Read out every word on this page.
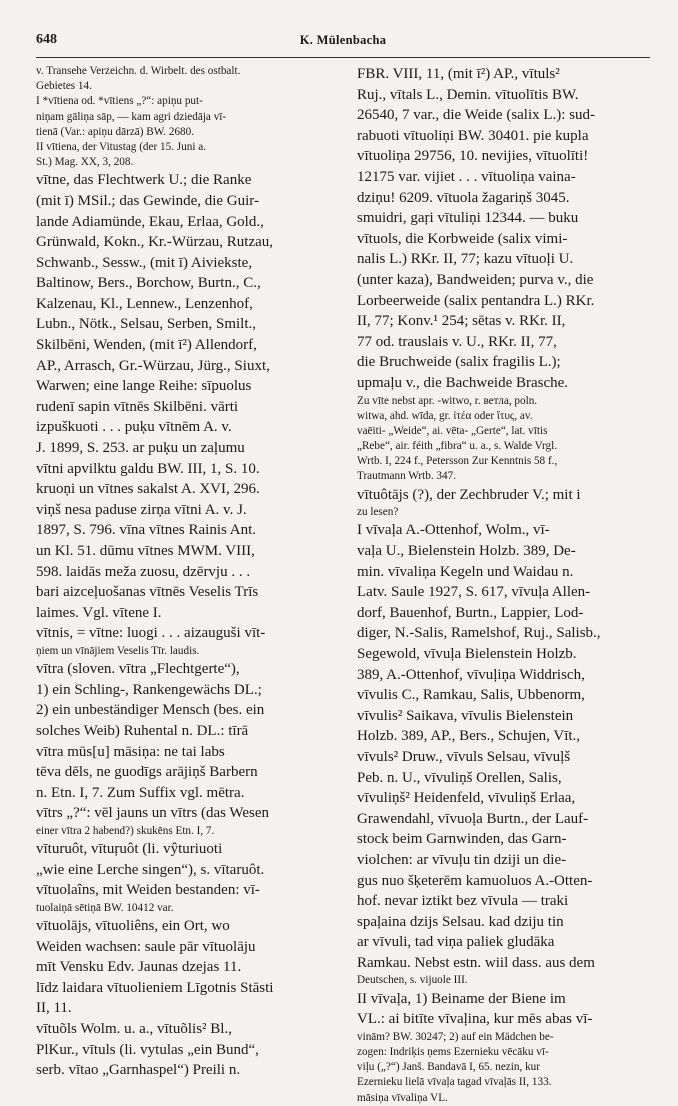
648	K. Mülenbacha
v. Transehe Verzeichn. d. Wirbelt. des ostbalt.
Gebietes 14.
I *vītiena od. *vītiens „?“: apiņu put-
niņam gāliņa sāp, — kam agri dziedāja vī-
tienā (Var.: apiņu dārzā) BW. 2680.
II vītiena, der Vitustag (der 15. Juni a.
St.) Mag. XX, 3, 208.
vītne, das Flechtwerk U.; die Ranke
(mit ī) MSil.; das Gewinde, die Guir-
lande Adiamünde, Ekau, Erlaa, Gold.,
Grünwald, Kokn., Kr.-Würzau, Rutzau,
Schwanb., Sessw., (mit ī) Aiviekste,
Baltinow, Bers., Borchow, Burtn., C.,
Kalzenau, Kl., Lennew., Lenzenhof,
Lubn., Nötk., Selsau, Serben, Smilt.,
Skilbēni, Wenden, (mit ī²) Allendorf,
AP., Arrasch, Gr.-Würzau, Jürg., Siuxt,
Warwen; eine lange Reihe: sīpuolus
rudenī sapin vītnēs Skilbēni. vārti
izpuškuoti . . . puķu vītnēm A. v.
J. 1899, S. 253. ar puķu un zaļumu
vītni apvilktu galdu BW. III, 1, S. 10.
kruoņi un vītnes sakalst A. XVI, 296.
viņš nesa paduse zirņa vītni A. v. J.
1897, S. 796. vīna vītnes Rainis Ant.
un Kl. 51. dūmu vītnes MWM. VIII,
598. laidās meža zuosu, dzērvju . . .
bari aizceļuošanas vītnēs Veselis Trīs
laimes. Vgl. vītene I.
vītnis, = vītne: luogi . . . aizauguši vīt-
ņiem un vīnājiem Veselis Tīr. laudis.
vītra (sloven. vītra „Flechtgerte“),
1) ein Schling-, Rankengewächs DL.;
2) ein unbeständiger Mensch (bes. ein
solches Weib) Ruhental n. DL.: tīrā
vītra mūs[u] māsiņa: ne tai labs
tēva dēls, ne guodīgs arājiņš Barbern
n. Etn. I, 7. Zum Suffix vgl. mētra.
vītrs „?“: vēl jauns un vītrs (das Wesen
einer vītra 2 habend?) skukēns Etn. I, 7.
vīturuôt, vītuŗuôt (li. vŷturiuoti
„wie eine Lerche singen“), s. vītaruôt.
vītuolaîns, mit Weiden bestanden: vī-
tuolaiņā sētiņā BW. 10412 var.
vītuolājs, vītuoliêns, ein Ort, wo
Weiden wachsen: saule pār vītuolāju
mīt Vensku Edv. Jaunas dzejas 11.
līdz laidara vītuolieniem Līgotnis Stāsti
II, 11.
vītuõls Wolm. u. a., vītuõlis² Bl.,
PlKur., vītuls (li. vytulas „ein Bund“,
serb. vītao „Garnhaspel“) Preili n.
FBR. VIII, 11, (mit ī²) AP., vītuls²
Ruj., vītals L., Demin. vītuolītis BW.
26540, 7 var., die Weide (salix L.): sud-
rabuoti vītuoliņi BW. 30401. pie kupla
vītuoliņa 29756, 10. nevijies, vītuolīti!
12175 var. vijiet . . . vītuoliņa vaina-
dziņu! 6209. vītuola žagariņš 3045.
smuidri, gaŗi vītuliņi 12344. — buku
vītuols, die Korbweide (salix vimi-
nalis L.) RKr. II, 77; kazu vītuoļi U.
(unter kaza), Bandweiden; purva v., die
Lorbeerweide (salix pentandra L.) RKr.
II, 77; Konv.¹ 254; sētas v. RKr. II,
77 od. trauslais v. U., RKr. II, 77,
die Bruchweide (salix fragilis L.);
upmaļu v., die Bachweide Brasche.
Zu vīte nebst apr. -witwo, r. ветла, poln.
witwa, ahd. wīda, gr. ἰτέα oder ἴτυς, av.
vaēiti- „Weide“, ai. vēta- „Gerte“, lat. vītis
„Rebe“, air. féith „fibra“ u. a., s. Walde Vrgl.
Wrtb. I, 224 f., Petersson Zur Kenntnis 58 f.,
Trautmann Wrtb. 347.
vītuôtājs (?), der Zechbruder V.; mit i
zu lesen?
I vīvaļa A.-Ottenhof, Wolm., vī-
vaļa U., Bielenstein Holzb. 389, De-
min. vīvaliņa Kegeln und Waidau n.
Latv. Saule 1927, S. 617, vīvuļa Allen-
dorf, Bauenhof, Burtn., Lappier, Lod-
diger, N.-Salis, Ramelshof, Ruj., Salisb.,
Segewold, vīvuļa Bielenstein Holzb.
389, A.-Ottenhof, vīvuļiņa Widdrisch,
vīvulis C., Ramkau, Salis, Ubbenorm,
vīvulis² Saikava, vīvulis Bielenstein
Holzb. 389, AP., Bers., Schujen, Vīt.,
vīvuls² Druw., vīvuls Selsau, vīvuļš
Peb. n. U., vīvuliņš Orellen, Salis,
vīvuliņš² Heidenfeld, vīvuliņš Erlaa,
Grawendahl, vīvuoļa Burtn., der Lauf-
stock beim Garnwinden, das Garn-
violchen: ar vīvuļu tin dziji un die-
gus nuo šķeterēm kamuoluos A.-Otten-
hof. nevar iztikt bez vīvula — traki
spaļaina dzijs Selsau. kad dziju tin
ar vīvuli, tad viņa paliek gludāka
Ramkau. Nebst estn. wiil dass. aus dem
Deutschen, s. vijuole III.
II vīvaļa, 1) Beiname der Biene im
VL.: ai bitīte vīvaļina, kur mēs abas vī-
vinām? BW. 30247; 2) auf ein Mädchen be-
zogen: Indriķis ņems Ezernieku vēcāku vī-
viļu („?“) Janš. Bandavā I, 65. nezin, kur
Ezernieku lielā vīvaļa tagad vīvaļās II, 133.
māsiņa vīvaliņa VL.
